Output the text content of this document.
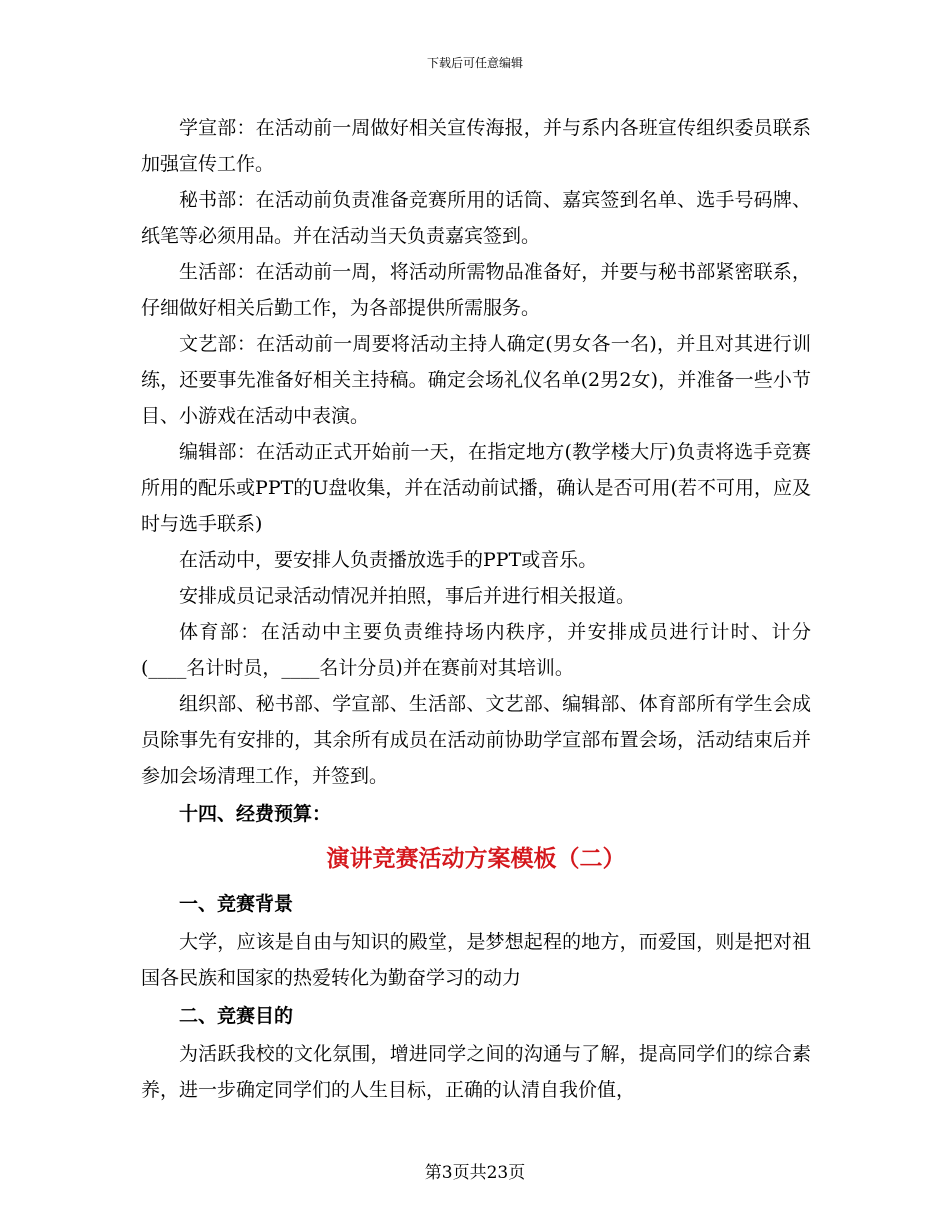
下载后可任意编辑

学宣部：在活动前一周做好相关宣传海报，并与系内各班宣传组织委员联系加强宣传工作。

秘书部：在活动前负责准备竞赛所用的话筒、嘉宾签到名单、选手号码牌、纸笔等必须用品。并在活动当天负责嘉宾签到。

生活部：在活动前一周，将活动所需物品准备好，并要与秘书部紧密联系，仔细做好相关后勤工作，为各部提供所需服务。

文艺部：在活动前一周要将活动主持人确定(男女各一名)，并且对其进行训练，还要事先准备好相关主持稿。确定会场礼仪名单(2男2女)，并准备一些小节目、小游戏在活动中表演。

编辑部：在活动正式开始前一天，在指定地方(教学楼大厅)负责将选手竞赛所用的配乐或PPT的U盘收集，并在活动前试播，确认是否可用(若不可用，应及时与选手联系)

在活动中，要安排人负责播放选手的PPT或音乐。

安排成员记录活动情况并拍照，事后并进行相关报道。

体育部：在活动中主要负责维持场内秩序，并安排成员进行计时、计分(____名计时员，____名计分员)并在赛前对其培训。

组织部、秘书部、学宣部、生活部、文艺部、编辑部、体育部所有学生会成员除事先有安排的，其余所有成员在活动前协助学宣部布置会场，活动结束后并参加会场清理工作，并签到。

十四、经费预算：

演讲竞赛活动方案模板（二）

一、竞赛背景

大学，应该是自由与知识的殿堂，是梦想起程的地方，而爱国，则是把对祖国各民族和国家的热爱转化为勤奋学习的动力

二、竞赛目的

为活跃我校的文化氛围，增进同学之间的沟通与了解，提高同学们的综合素养，进一步确定同学们的人生目标，正确的认清自我价值，

第3页共23页
